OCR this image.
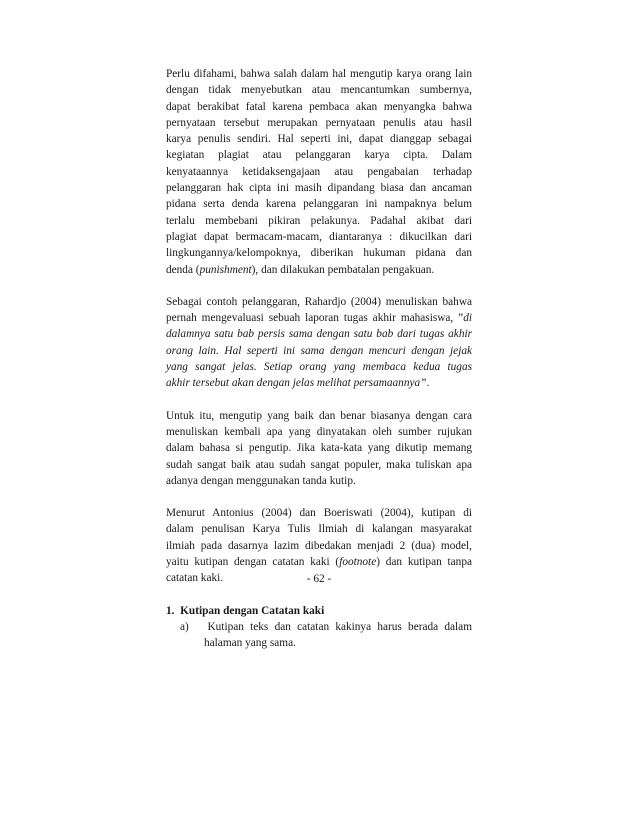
Perlu difahami, bahwa salah dalam hal mengutip karya orang lain
dengan tidak menyebutkan atau mencantumkan sumbernya,
dapat berakibat fatal karena pembaca akan menyangka bahwa
pernyataan tersebut merupakan pernyataan penulis atau hasil
karya penulis sendiri. Hal seperti ini, dapat dianggap sebagai
kegiatan plagiat atau pelanggaran karya cipta. Dalam
kenyataannya ketidaksengajaan atau pengabaian terhadap
pelanggaran hak cipta ini masih dipandang biasa dan ancaman
pidana serta denda karena pelanggaran ini nampaknya belum
terlalu membebani pikiran pelakunya. Padahal akibat dari
plagiat dapat bermacam-macam, diantaranya : dikucilkan dari
lingkungannya/kelompoknya, diberikan hukuman pidana dan
denda (punishment), dan dilakukan pembatalan pengakuan.
Sebagai contoh pelanggaran, Rahardjo (2004) menuliskan bahwa
pernah mengevaluasi sebuah laporan tugas akhir mahasiswa, ”di
dalamnya satu bab persis sama dengan satu bab dari tugas akhir
orang lain. Hal seperti ini sama dengan mencuri dengan jejak
yang sangat jelas. Setiap orang yang membaca kedua tugas
akhir tersebut akan dengan jelas melihat persamaannya”.
Untuk itu, mengutip yang baik dan benar biasanya dengan cara
menuliskan kembali apa yang dinyatakan oleh sumber rujukan
dalam bahasa si pengutip. Jika kata-kata yang dikutip memang
sudah sangat baik atau sudah sangat populer, maka tuliskan apa
adanya dengan menggunakan tanda kutip.
Menurut Antonius (2004) dan Boeriswati (2004), kutipan di
dalam penulisan Karya Tulis Ilmiah di kalangan masyarakat
ilmiah pada dasarnya lazim dibedakan menjadi 2 (dua) model,
yaitu kutipan dengan catatan kaki (footnote) dan kutipan tanpa
catatan kaki.
1. Kutipan dengan Catatan kaki
a) Kutipan teks dan catatan kakinya harus berada dalam
halaman yang sama.
- 62 -
